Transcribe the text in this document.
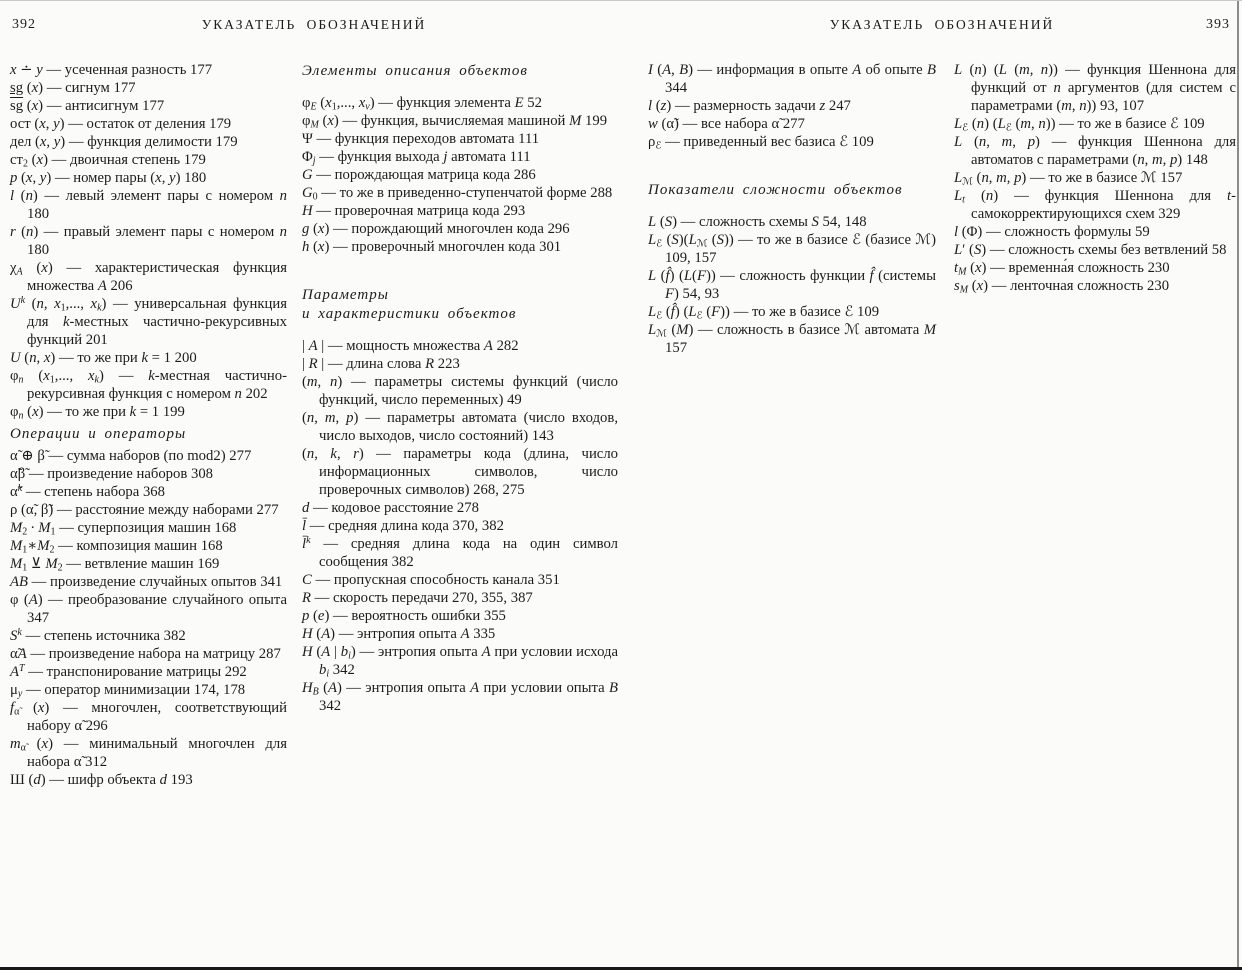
392	УКАЗАТЕЛЬ ОБОЗНАЧЕНИЙ
x ∸ y — усеченная разность 177
sg (x) — сигнум 177
$\overline{sg}$ (x) — антисигнум 177
ост (x, y) — остаток от деления 179
дел (x, y) — функция делимости 179
$ст_2$ (x) — двоичная степень 179
p (x, y) — номер пары (x, y) 180
l (n) — левый элемент пары с номером n 180
r (n) — правый элемент пары с номером n 180
$\chi_A$ (x) — характеристическая функция множества A 206
$U^k$ (n, $x_1$,..., $x_k$) — универсальная функция для k-местных частично-рекурсивных функций 201
U (n, x) — то же при k = 1 200
$\varphi_n$ ($x_1$,..., $x_k$) — k-местная частично-рекурсивная функция с номером n 202
$\varphi_n$ (x) — то же при k = 1 199
Операции и операторы
α̃ ⊕ β̃ — сумма наборов (по mod2) 277
α̃β̃ — произведение наборов 308
α̃$^k$ — степень набора 368
ρ (α̃, β̃) — расстояние между наборами 277
$M_2 \cdot M_1$ — суперпозиция машин 168
$M_1∗M_2$ — композиция машин 168
$M_1$ ⊻ $M_2$ — ветвление машин 169
AB — произведение случайных опытов 341
φ (A) — преобразование случайного опыта 347
$S^k$ — степень источника 382
α̃A — произведение набора на матрицу 287
$A^T$ — транспонирование матрицы 292
$\mu_y$ — оператор минимизации 174, 178
$f_{\alphã}$ (x) — многочлен, соответствующий набору α̃ 296
$m_{\alphã}$ (x) — минимальный многочлен для набора α̃ 312
Ш (d) — шифр объекта d 193
Элементы описания объектов
$\varphi_E$ ($x_1$,..., $x_v$) — функция элемента E 52
$\varphi_M$ (x) — функция, вычисляемая машиной M 199
Ψ — функция переходов автомата 111
$\Phi_j$ — функция выхода j автомата 111
G — порождающая матрица кода 286
$G_0$ — то же в приведенно-ступенчатой форме 288
H — проверочная матрица кода 293
g (x) — порождающий многочлен кода 296
h (x) — проверочный многочлен кода 301
Параметры
и характеристики объектов
| A | — мощность множества A 282
| R | — длина слова R 223
(m, n) — параметры системы функций (число функций, число переменных) 49
(n, m, p) — параметры автомата (число входов, число выходов, число состояний) 143
(n, k, r) — параметры кода (длина, число информационных символов, число проверочных символов) 268, 275
d — кодовое расстояние 278
l̄ — средняя длина кода 370, 382
l̄$^k$ — средняя длина кода на один символ сообщения 382
C — пропускная способность канала 351
R — скорость передачи 270, 355, 387
p (e) — вероятность ошибки 355
H (A) — энтропия опыта A 335
H (A | $b_i$) — энтропия опыта A при условии исхода $b_i$ 342
$H_B$ (A) — энтропия опыта A при условии опыта B 342
УКАЗАТЕЛЬ ОБОЗНАЧЕНИЙ	393
I (A, B) — информация в опыте A об опыте B 344
l (z) — размерность задачи z 247
w (α̃) — все набора α̃ 277
$\rho_ℰ$ — приведенный вес базиса ℰ 109
Показатели сложности объектов
L (S) — сложность схемы S 54, 148
$L_ℰ$ $(S)(L_ℳ$ (S)) — то же в базисе ℰ (базисе ℳ) 109, 157
L (f̂) (L(F)) — сложность функции f̂ (системы F) 54, 93
$L_ℰ$ (f̂) ($L_ℰ$ (F)) — то же в базисе ℰ 109
$L_ℳ$ (M) — сложность в базисе ℳ автомата M 157
L (n) (L (m, n)) — функция Шеннона для функций от n аргументов (для систем с параметрами (m, n)) 93, 107
$L_ℰ$ (n) ($L_ℰ$ (m, n)) — то же в базисе ℰ 109
L (n, m, p) — функция Шеннона для автоматов с параметрами (n, m, p) 148
$L_ℳ$ (n, m, p) — то же в базисе ℳ 157
$L_t$ (n) — функция Шеннона для t-самокорректирующихся схем 329
l (Φ) — сложность формулы 59
L′ (S) — сложность схемы без ветвлений 58
$t_M$ (x) — временна́я сложность 230
$s_M$ (x) — ленточная сложность 230
